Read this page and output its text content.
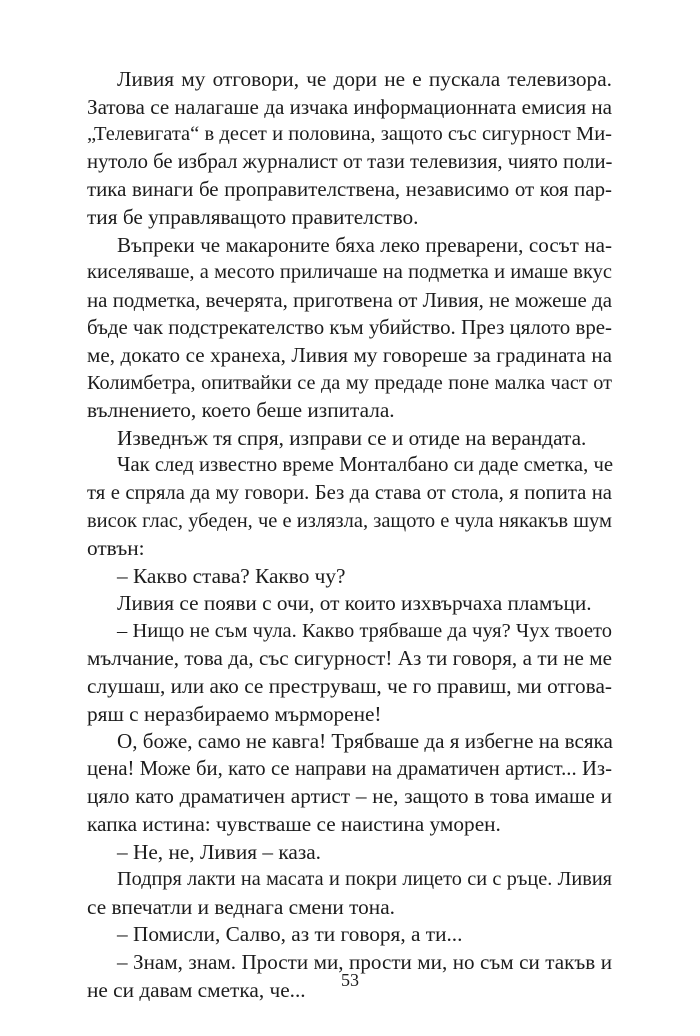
Ливия му отговори, че дори не е пускала телевизора.
Затова се налагаше да изчака информационната емисия на
„Телевигата“ в десет и половина, защото със сигурност Ми-
нутоло бе избрал журналист от тази телевизия, чиято поли-
тика винаги бе проправителствена, независимо от коя пар-
тия бе управляващото правителство.
Въпреки че макароните бяха леко преварени, сосът на-
киселяваше, а месото приличаше на подметка и имаше вкус
на подметка, вечерята, приготвена от Ливия, не можеше да
бъде чак подстрекателство към убийство. През цялото вре-
ме, докато се хранеха, Ливия му говореше за градината на
Колимбетра, опитвайки се да му предаде поне малка част от
вълнението, което беше изпитала.
Изведнъж тя спря, изправи се и отиде на верандата.
Чак след известно време Монталбано си даде сметка, че
тя е спряла да му говори. Без да става от стола, я попита на
висок глас, убеден, че е излязла, защото е чула някакъв шум
отвън:
– Какво става? Какво чу?
Ливия се появи с очи, от които изхвърчаха пламъци.
– Нищо не съм чула. Какво трябваше да чуя? Чух твоето
мълчание, това да, със сигурност! Аз ти говоря, а ти не ме
слушаш, или ако се преструваш, че го правиш, ми отгова-
ряш с неразбираемо мърморене!
О, боже, само не кавга! Трябваше да я избегне на всяка
цена! Може би, като се направи на драматичен артист... Из-
цяло като драматичен артист – не, защото в това имаше и
капка истина: чувстваше се наистина уморен.
– Не, не, Ливия – каза.
Подпря лакти на масата и покри лицето си с ръце. Ливия
се впечатли и веднага смени тона.
– Помисли, Салво, аз ти говоря, а ти...
– Знам, знам. Прости ми, прости ми, но съм си такъв и
не си давам сметка, че...	53
